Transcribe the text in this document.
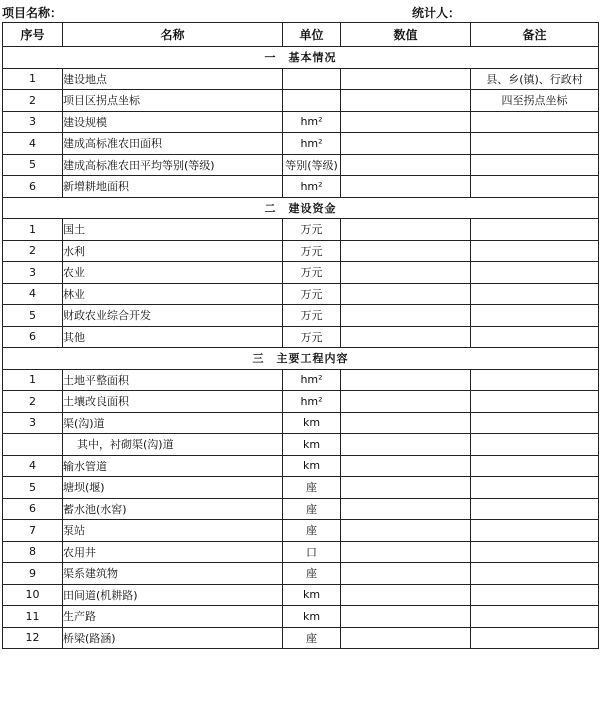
项目名称：	统计人：
序号	名称	单位	数值	备注
一　基本情况				
1	建设地点			县、乡(镇)、行政村
2	项目区拐点坐标			四至拐点坐标
3	建设规模	hm²		
4	建成高标准农田面积	hm²		
5	建成高标准农田平均等别(等级)	等别(等级)		
6	新增耕地面积	hm²		
二　建设资金				
1	国土	万元		
2	水利	万元		
3	农业	万元		
4	林业	万元		
5	财政农业综合开发	万元		
6	其他	万元		
三　主要工程内容				
1	土地平整面积	hm²		
2	土壤改良面积	hm²		
3	渠(沟)道	km		
	其中，衬砌渠(沟)道	km		
4	输水管道	km		
5	塘坝(堰)	座		
6	蓄水池(水窖)	座		
7	泵站	座		
8	农用井	口		
9	渠系建筑物	座		
10	田间道(机耕路)	km		
11	生产路	km		
12	桥梁(路涵)	座		
